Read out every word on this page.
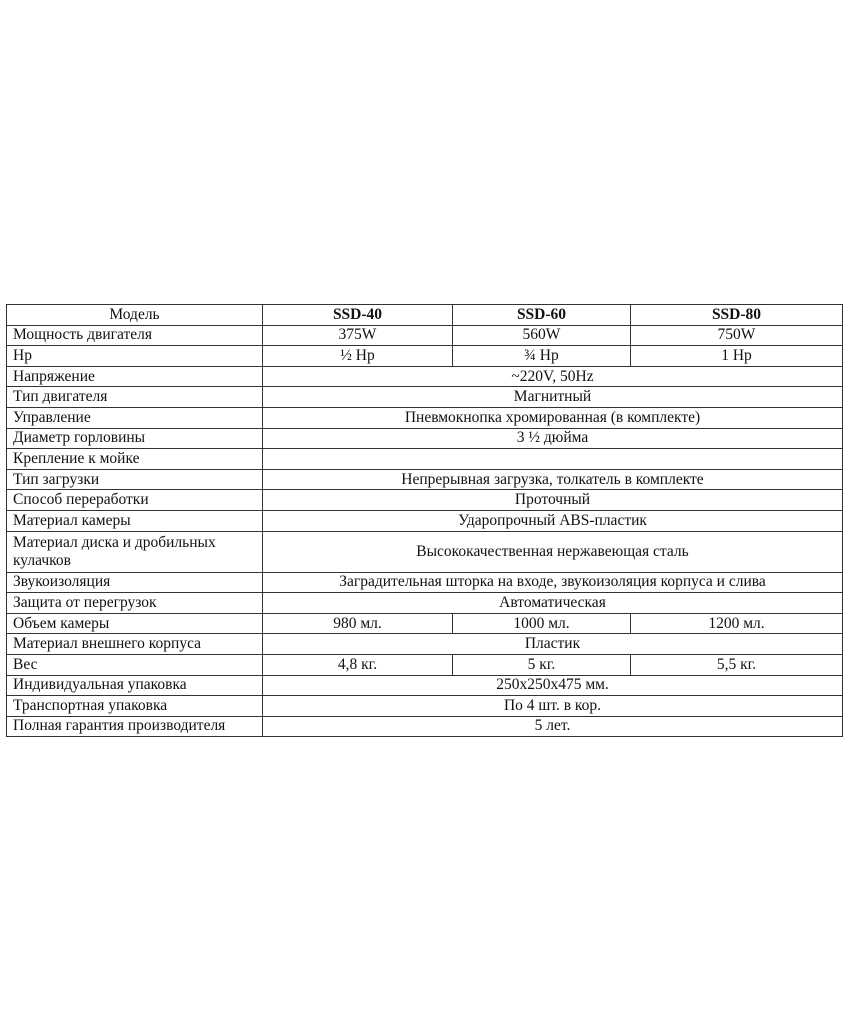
Модель	SSD-40	SSD-60	SSD-80
Мощность двигателя	375W	560W	750W
Hp	½ Hp	¾ Hp	1 Hp
Напряжение	~220V, 50Hz		
Тип двигателя	Магнитный		
Управление	Пневмокнопка хромированная (в комплекте)		
Диаметр горловины	3 ½ дюйма		
Крепление к мойке			
Тип загрузки	Непрерывная загрузка, толкатель в комплекте		
Способ переработки	Проточный		
Материал камеры	Ударопрочный ABS-пластик		
Материал диска и дробильных кулачков	Высококачественная нержавеющая сталь		
Звукоизоляция	Заградительная шторка на входе, звукоизоляция корпуса и слива		
Защита от перегрузок	Автоматическая		
Объем камеры	980 мл.	1000 мл.	1200 мл.
Материал внешнего корпуса	Пластик		
Вес	4,8 кг.	5 кг.	5,5 кг.
Индивидуальная упаковка	250x250x475 мм.		
Транспортная упаковка	По 4 шт. в кор.		
Полная гарантия производителя	5 лет.		
